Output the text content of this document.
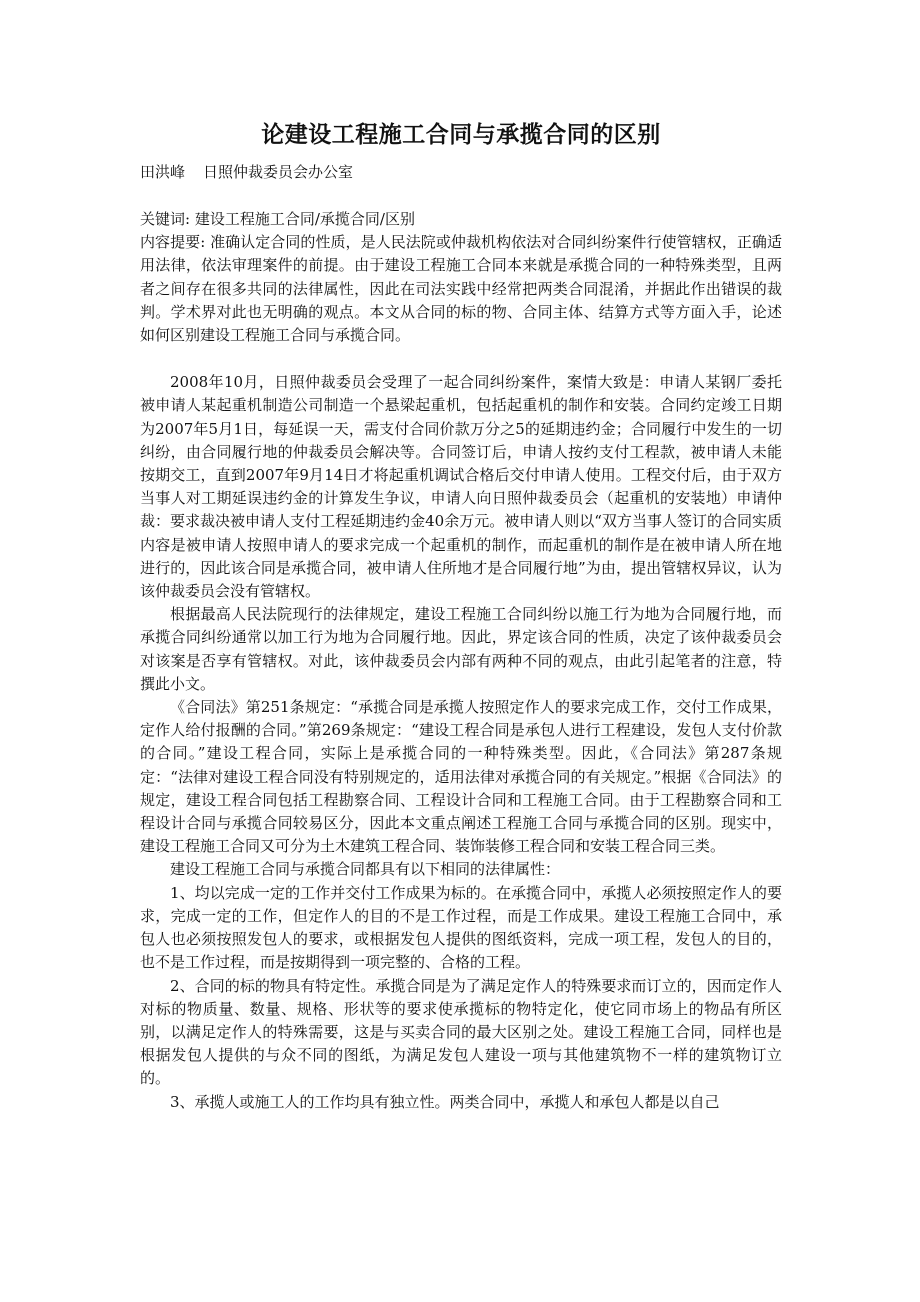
论建设工程施工合同与承揽合同的区别

田洪峰 日照仲裁委员会办公室

关键词: 建设工程施工合同/承揽合同/区别

内容提要: 准确认定合同的性质，是人民法院或仲裁机构依法对合同纠纷案件行使管辖权，正确适用法律，依法审理案件的前提。由于建设工程施工合同本来就是承揽合同的一种特殊类型，且两者之间存在很多共同的法律属性，因此在司法实践中经常把两类合同混淆，并据此作出错误的裁判。学术界对此也无明确的观点。本文从合同的标的物、合同主体、结算方式等方面入手，论述如何区别建设工程施工合同与承揽合同。

2008年10月，日照仲裁委员会受理了一起合同纠纷案件，案情大致是：申请人某钢厂委托被申请人某起重机制造公司制造一个悬梁起重机，包括起重机的制作和安装。合同约定竣工日期为2007年5月1日，每延误一天，需支付合同价款万分之5的延期违约金；合同履行中发生的一切纠纷，由合同履行地的仲裁委员会解决等。合同签订后，申请人按约支付工程款，被申请人未能按期交工，直到2007年9月14日才将起重机调试合格后交付申请人使用。工程交付后，由于双方当事人对工期延误违约金的计算发生争议，申请人向日照仲裁委员会（起重机的安装地）申请仲裁：要求裁决被申请人支付工程延期违约金40余万元。被申请人则以“双方当事人签订的合同实质内容是被申请人按照申请人的要求完成一个起重机的制作，而起重机的制作是在被申请人所在地进行的，因此该合同是承揽合同，被申请人住所地才是合同履行地”为由，提出管辖权异议，认为该仲裁委员会没有管辖权。

根据最高人民法院现行的法律规定，建设工程施工合同纠纷以施工行为地为合同履行地，而承揽合同纠纷通常以加工行为地为合同履行地。因此，界定该合同的性质，决定了该仲裁委员会对该案是否享有管辖权。对此，该仲裁委员会内部有两种不同的观点，由此引起笔者的注意，特撰此小文。

《合同法》第251条规定：“承揽合同是承揽人按照定作人的要求完成工作，交付工作成果，定作人给付报酬的合同。”第269条规定：“建设工程合同是承包人进行工程建设，发包人支付价款的合同。”建设工程合同，实际上是承揽合同的一种特殊类型。因此，《合同法》第287条规定：“法律对建设工程合同没有特别规定的，适用法律对承揽合同的有关规定。”根据《合同法》的规定，建设工程合同包括工程勘察合同、工程设计合同和工程施工合同。由于工程勘察合同和工程设计合同与承揽合同较易区分，因此本文重点阐述工程施工合同与承揽合同的区别。现实中，建设工程施工合同又可分为土木建筑工程合同、装饰装修工程合同和安装工程合同三类。

建设工程施工合同与承揽合同都具有以下相同的法律属性：

1、均以完成一定的工作并交付工作成果为标的。在承揽合同中，承揽人必须按照定作人的要求，完成一定的工作，但定作人的目的不是工作过程，而是工作成果。建设工程施工合同中，承包人也必须按照发包人的要求，或根据发包人提供的图纸资料，完成一项工程，发包人的目的，也不是工作过程，而是按期得到一项完整的、合格的工程。

2、合同的标的物具有特定性。承揽合同是为了满足定作人的特殊要求而订立的，因而定作人对标的物质量、数量、规格、形状等的要求使承揽标的物特定化，使它同市场上的物品有所区别，以满足定作人的特殊需要，这是与买卖合同的最大区别之处。建设工程施工合同，同样也是根据发包人提供的与众不同的图纸，为满足发包人建设一项与其他建筑物不一样的建筑物订立的。

3、承揽人或施工人的工作均具有独立性。两类合同中，承揽人和承包人都是以自己
